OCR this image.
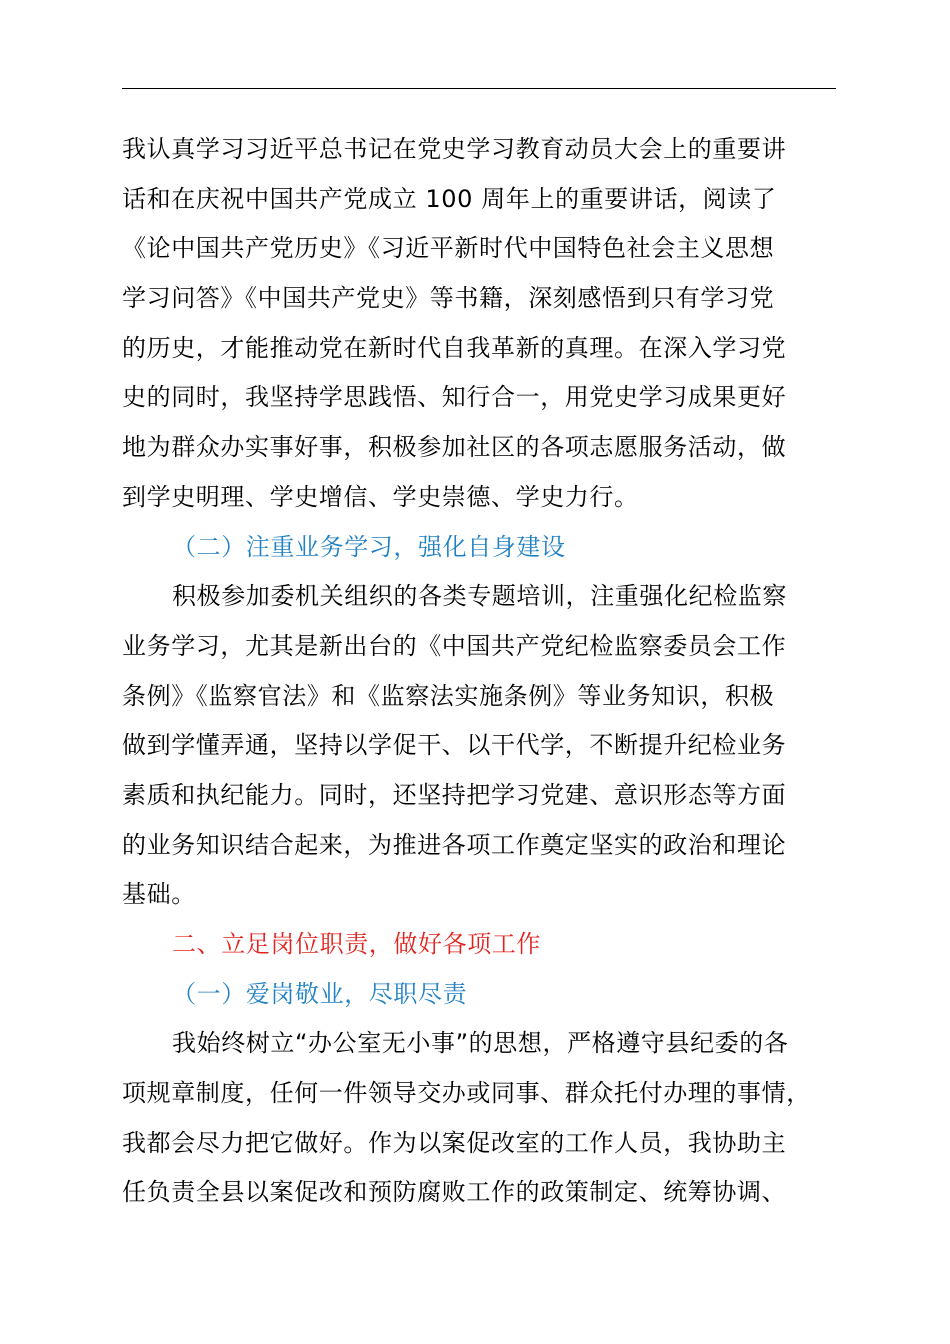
我认真学习习近平总书记在党史学习教育动员大会上的重要讲
话和在庆祝中国共产党成立 100 周年上的重要讲话，阅读了
《论中国共产党历史》《习近平新时代中国特色社会主义思想
学习问答》《中国共产党史》等书籍，深刻感悟到只有学习党
的历史，才能推动党在新时代自我革新的真理。在深入学习党
史的同时，我坚持学思践悟、知行合一，用党史学习成果更好
地为群众办实事好事，积极参加社区的各项志愿服务活动，做
到学史明理、学史增信、学史崇德、学史力行。
（二）注重业务学习，强化自身建设
积极参加委机关组织的各类专题培训，注重强化纪检监察
业务学习，尤其是新出台的《中国共产党纪检监察委员会工作
条例》《监察官法》和《监察法实施条例》等业务知识，积极
做到学懂弄通，坚持以学促干、以干代学，不断提升纪检业务
素质和执纪能力。同时，还坚持把学习党建、意识形态等方面
的业务知识结合起来，为推进各项工作奠定坚实的政治和理论
基础。
二、立足岗位职责，做好各项工作
（一）爱岗敬业，尽职尽责
我始终树立“办公室无小事”的思想，严格遵守县纪委的各
项规章制度，任何一件领导交办或同事、群众托付办理的事情，
我都会尽力把它做好。作为以案促改室的工作人员，我协助主
任负责全县以案促改和预防腐败工作的政策制定、统筹协调、
